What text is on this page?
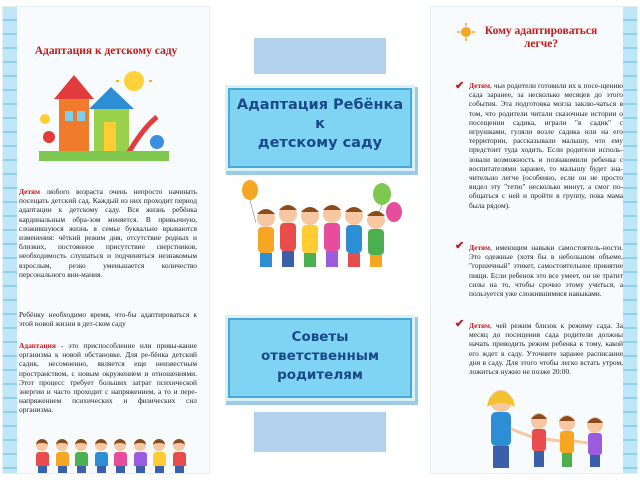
Адаптация к детскому саду
Детям любого возраста очень непросто начинать посещать детский сад. Каждый из них проходит период адаптации к детскому саду. Вся жизнь ребёнка кардинальным обра-зом меняется. В привычную, сложившуюся жизнь в семье буквально врываются изменения: чёткий режим дня, отсутствие родных и близких, постоянное присутствие сверстников, необходимость слушаться и подчиняться незнакомым взрослым, резко уменьшается количество персонального вни-мания.
Ребёнку необходимо время, что-бы адаптироваться к этой новой жизни в дет-ском саду
Адаптация - это приспособление или привы-кание организма к новой обстановке. Для ре-бёнка детский садик, несомненно, является еще неизвестным пространством, с новым окружением и отношениями. Этот процесс требует больших затрат психической энергии и часто проходит с напряжением, а то и пере-напряжением психических и физических сил организма.
Адаптация Ребёнка
к
детскому саду
Советы
ответственным
родителям
Кому адаптироваться
легче?
✔ Детям, чьи родители готовили их к посе-щению сада заранее, за несколько месяцев до этого события. Эта подготовка могла заклю-чаться в том, что родители читали сказочные истории о посещении садика, играли "в садик" с игрушками, гуляли возле садика или на его территории, рассказывали малышу, что ему предстоит туда ходить. Если родители исполь-зовали возможность и познакомили ребенка с воспитателями заранее, то малышу будет зна-чительно легче (особенно, если он не просто видел эту "тетю" несколько минут, а смог по-общаться с ней и пройти в группу, пока мама была рядом).
✔ Детям, имеющим навыки самостоятель-ности. Это одежные (хотя бы в небольшом объеме, "горшечный" этикет, самостоятельное принятие пищи. Если ребенок это все умеет, он не тратит силы на то, чтобы срочно этому учиться, а пользуется уже сложившимися навыками.
✔ Детям, чей режим близок к режиму сада. За месяц до посещения сада родители должны начать приводить режим ребенка к тому, какой его ждет в саду. Уточните заранее расписание дня в саду. Для этого чтобы легко встать утром, ложиться нужно не позже 20:00.
